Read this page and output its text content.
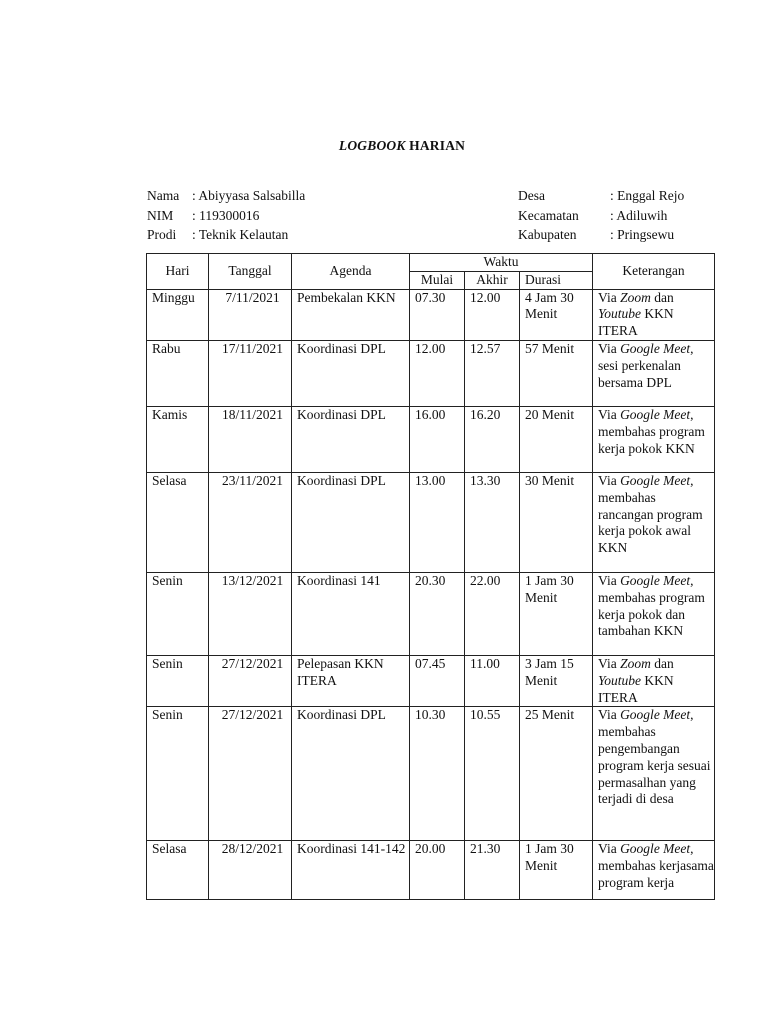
LOGBOOK HARIAN
Nama : Abiyyasa Salsabilla
NIM : 119300016
Prodi : Teknik Kelautan
Desa	: Enggal Rejo
Kecamatan : Adiluwih
Kabupaten : Pringsewu
Hari	Tanggal	Agenda	Waktu			Keterangan
			Mulai	Akhir	Durasi	
Minggu	7/11/2021	Pembekalan KKN	07.30	12.00	4 Jam 30 Menit	Via Zoom dan Youtube KKN ITERA
Rabu	17/11/2021	Koordinasi DPL	12.00	12.57	57 Menit	Via Google Meet, sesi perkenalan bersama DPL
Kamis	18/11/2021	Koordinasi DPL	16.00	16.20	20 Menit	Via Google Meet, membahas program kerja pokok KKN
Selasa	23/11/2021	Koordinasi DPL	13.00	13.30	30 Menit	Via Google Meet, membahas rancangan program kerja pokok awal KKN
Senin	13/12/2021	Koordinasi 141	20.30	22.00	1 Jam 30 Menit	Via Google Meet, membahas program kerja pokok dan tambahan KKN
Senin	27/12/2021	Pelepasan KKN ITERA	07.45	11.00	3 Jam 15 Menit	Via Zoom dan Youtube KKN ITERA
Senin	27/12/2021	Koordinasi DPL	10.30	10.55	25 Menit	Via Google Meet, membahas pengembangan program kerja sesuai permasalhan yang terjadi di desa
Selasa	28/12/2021	Koordinasi 141-142	20.00	21.30	1 Jam 30 Menit	Via Google Meet, membahas kerjasama program kerja
